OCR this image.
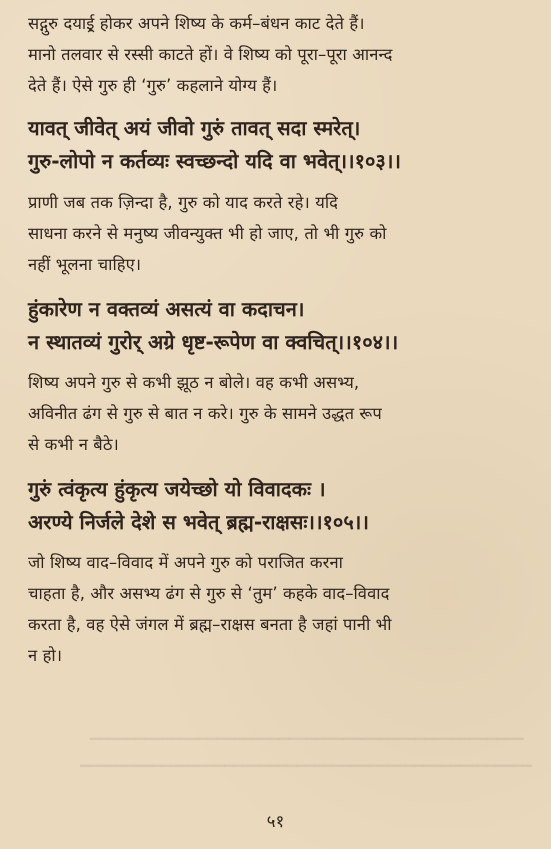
सद्गुरु दयाई्र होकर अपने शिष्य के कर्म–बंधन काट देते हैं।
मानो तलवार से रस्सी काटते हों। वे शिष्य को पूरा–पूरा आनन्द
देते हैं। ऐसे गुरु ही ‘गुरु’ कहलाने योग्य हैं।

यावत् जीवेत् अयं जीवो गुरुं तावत् सदा स्मरेत्।
गुरु-लोपो न कर्तव्यः स्वच्छन्दो यदि वा भवेत्।।१०३।।

प्राणी जब तक ज़िन्दा है, गुरु को याद करते रहे। यदि
साधना करने से मनुष्य जीवन्युक्त भी हो जाए, तो भी गुरु को
नहीं भूलना चाहिए।

हुंकारेण न वक्तव्यं असत्यं वा कदाचन।
न स्थातव्यं गुरोर् अग्रे धृष्ट-रूपेण वा क्वचित्।।१०४।।

शिष्य अपने गुरु से कभी झूठ न बोले। वह कभी असभ्य,
अविनीत ढंग से गुरु से बात न करे। गुरु के सामने उद्धत रूप
से कभी न बैठे।

गुरुं त्वंकृत्य हुंकृत्य जयेच्छो यो विवादकः ।
अरण्ये निर्जले देशे स भवेत् ब्रह्म-राक्षसः।।१०५।।

जो शिष्य वाद–विवाद में अपने गुरु को पराजित करना
चाहता है, और असभ्य ढंग से गुरु से ‘तुम’ कहके वाद–विवाद
करता है, वह ऐसे जंगल में ब्रह्म–राक्षस बनता है जहां पानी भी
न हो।

━━━━━━━━━━━━━━━━━━━━━━━━━━━━━━━━━━━━━━━━━━━━━━━━
━━━━━━━━━━━━━━━━━━━━━━━━━━━━━━━━━━━━━━━━━━━━━━━━━━
५१
